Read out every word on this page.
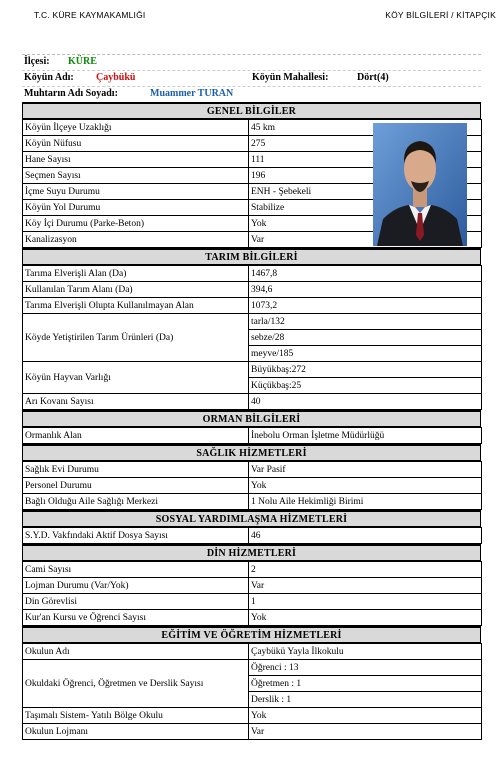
T.C. KÜRE KAYMAKAMLIĞI	KÖY BİLGİLERİ / KİTAPÇIK
İlçesi: KÜRE
Köyün Adı: Çaybükü	Köyün Mahallesi:	Dört(4)
Muhtarın Adı Soyadı:	Muammer TURAN
GENEL BİLGİLER
Köyün İlçeye Uzaklığı	45 km
Köyün Nüfusu	275
Hane Sayısı	111
Seçmen Sayısı	196
İçme Suyu Durumu	ENH - Şebekeli
Köyün Yol Durumu	Stabilize
Köy İçi Durumu (Parke-Beton)	Yok
Kanalizasyon	Var
TARIM BİLGİLERİ
Tarıma Elverişli Alan (Da)	1467,8
Kullanılan Tarım Alanı (Da)	394,6
Tarıma Elverişli Olupta Kullanılmayan Alan	1073,2
Köyde Yetiştirilen Tarım Ürünleri (Da)	tarla/132
	sebze/28
	meyve/185
Köyün Hayvan Varlığı	Büyükbaş:272
	Küçükbaş:25
Arı Kovanı Sayısı	40
ORMAN BİLGİLERİ
Ormanlık Alan	İnebolu Orman İşletme Müdürlüğü
SAĞLIK HİZMETLERİ
Sağlık Evi Durumu	Var Pasif
Personel Durumu	Yok
Bağlı Olduğu Aile Sağlığı Merkezi	1 Nolu Aile Hekimliği Birimi
SOSYAL YARDIMLAŞMA HİZMETLERİ
S.Y.D. Vakfındaki Aktif Dosya Sayısı	46
DİN HİZMETLERİ
Cami Sayısı	2
Lojman Durumu (Var/Yok)	Var
Din Görevlisi	1
Kur'an Kursu ve Öğrenci Sayısı	Yok
EĞİTİM VE ÖĞRETİM HİZMETLERİ
Okulun Adı	Çaybükü Yayla İlkokulu
Okuldaki Öğrenci, Öğretmen ve Derslik Sayısı	Öğrenci : 13
	Öğretmen : 1
	Derslik : 1
Taşımalı Sistem- Yatılı Bölge Okulu	Yok
Okulun Lojmanı	Var
